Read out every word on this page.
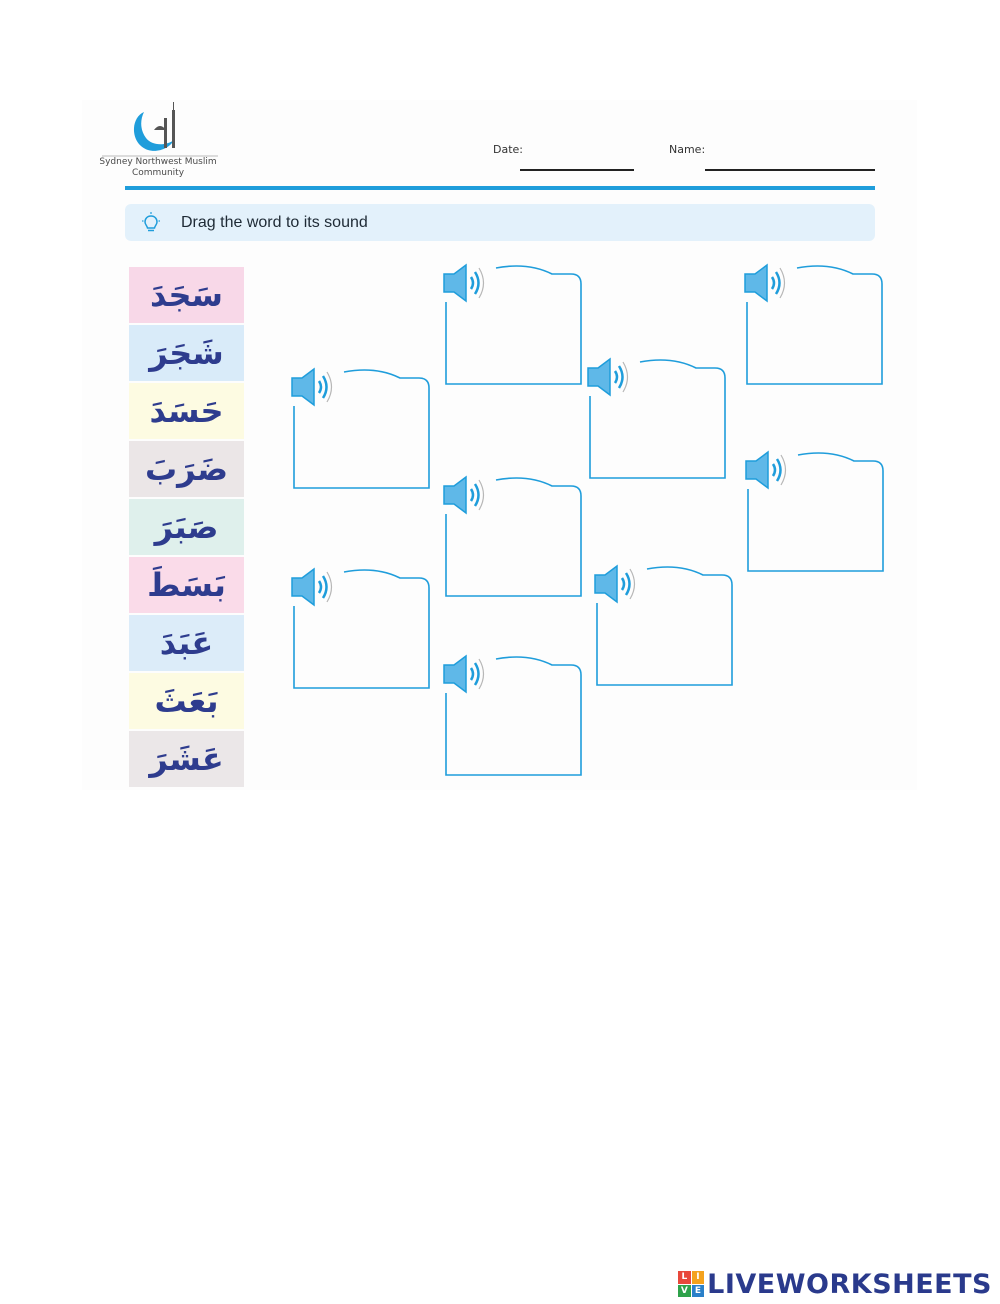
Sydney Northwest Muslim Community
Date:	Name:
Drag the word to its sound
سَجَدَ
شَجَرَ
حَسَدَ
ضَرَبَ
صَبَرَ
بَسَطَ
عَبَدَ
بَعَثَ
عَشَرَ
L I
V E LIVEWORKSHEETS
